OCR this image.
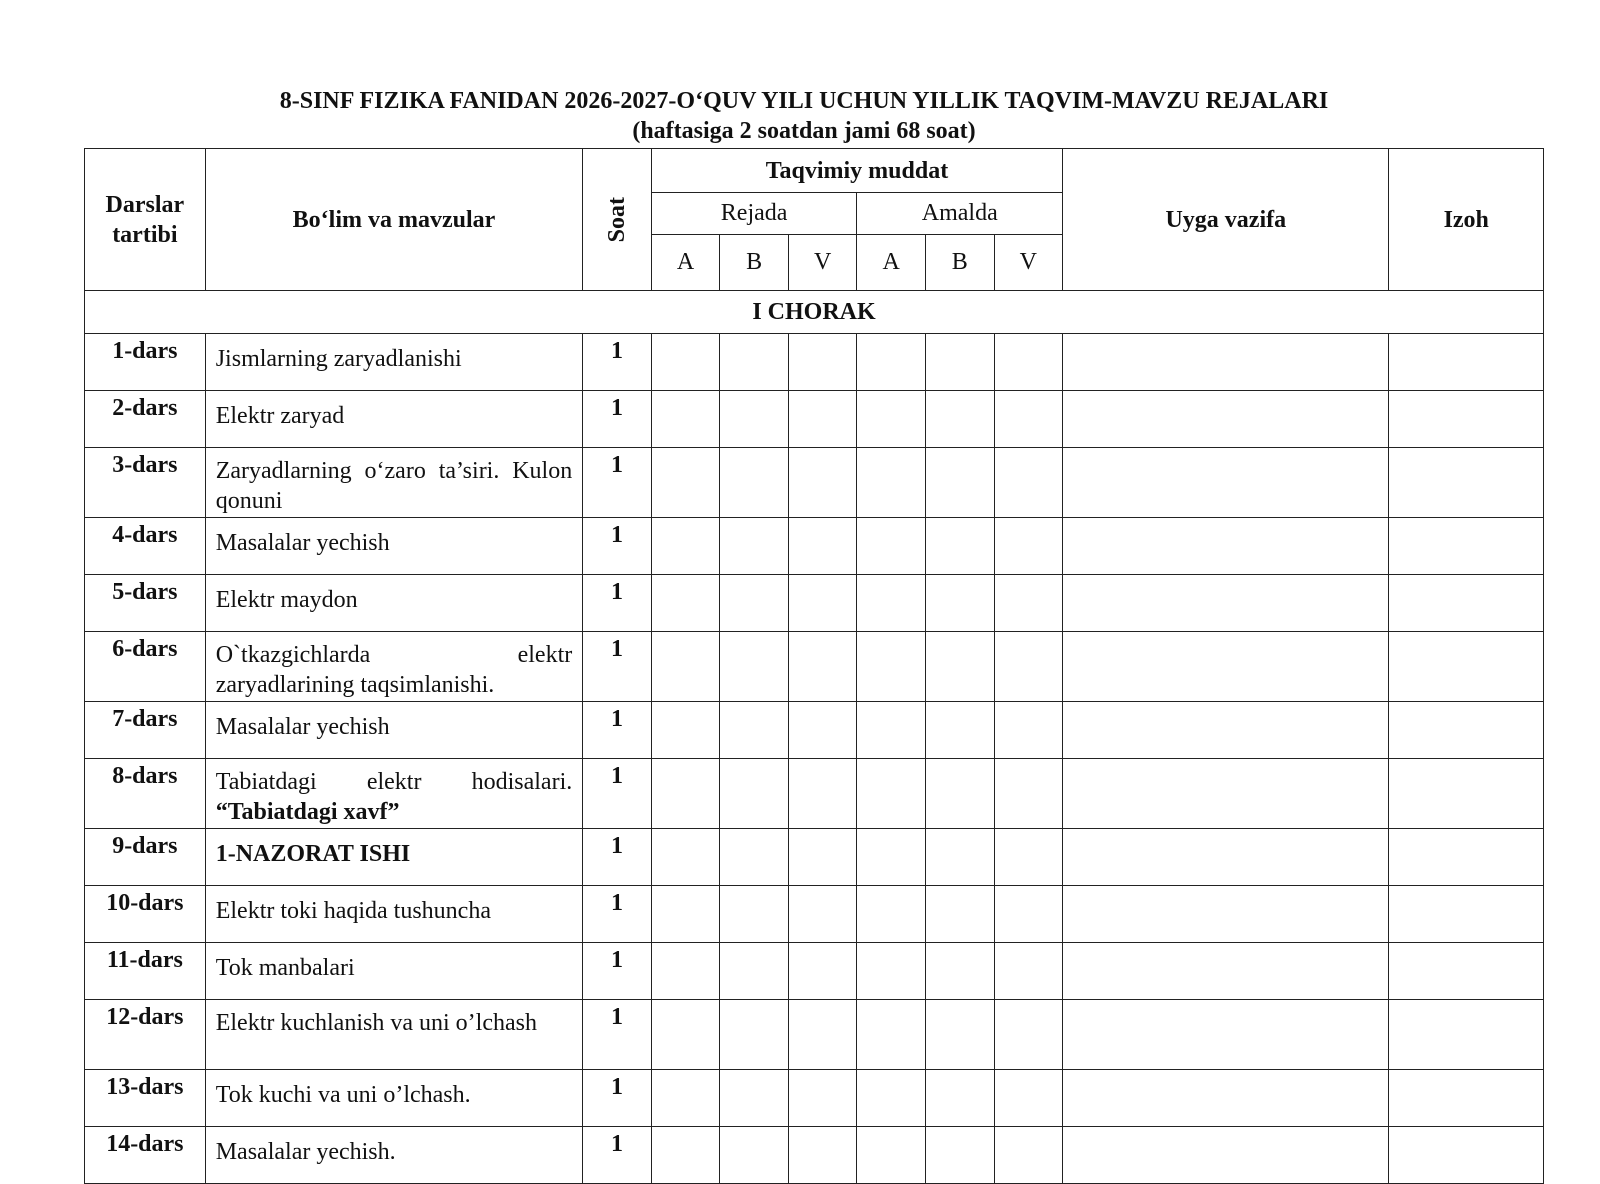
8-SINF FIZIKA FANIDAN 2026-2027-O‘QUV YILI UCHUN YILLIK TAQVIM-MAVZU REJALARI
(haftasiga 2 soatdan jami 68 soat)
Darslar tartibi	Bo‘lim va mavzular	Soat	Taqvimiy muddat						Uyga vazifa	Izoh
			Rejada			Amalda				
			A	B	V	A	B	V		
I CHORAK										
1-dars	Jismlarning zaryadlanishi	1								
2-dars	Elektr zaryad	1								
3-dars	Zaryadlarning o‘zaro ta’siri. Kulon qonuni	1								
4-dars	Masalalar yechish	1								
5-dars	Elektr maydon	1								
6-dars	O`tkazgichlarda elektr zaryadlarining taqsimlanishi.	1								
7-dars	Masalalar yechish	1								
8-dars	Tabiatdagi elektr hodisalari. “Tabiatdagi xavf”	1								
9-dars	1-NAZORAT ISHI	1								
10-dars	Elektr toki haqida tushuncha	1								
11-dars	Tok manbalari	1								
12-dars	Elektr kuchlanish va uni o’lchash	1								
13-dars	Tok kuchi va uni o’lchash.	1								
14-dars	Masalalar yechish.	1								
